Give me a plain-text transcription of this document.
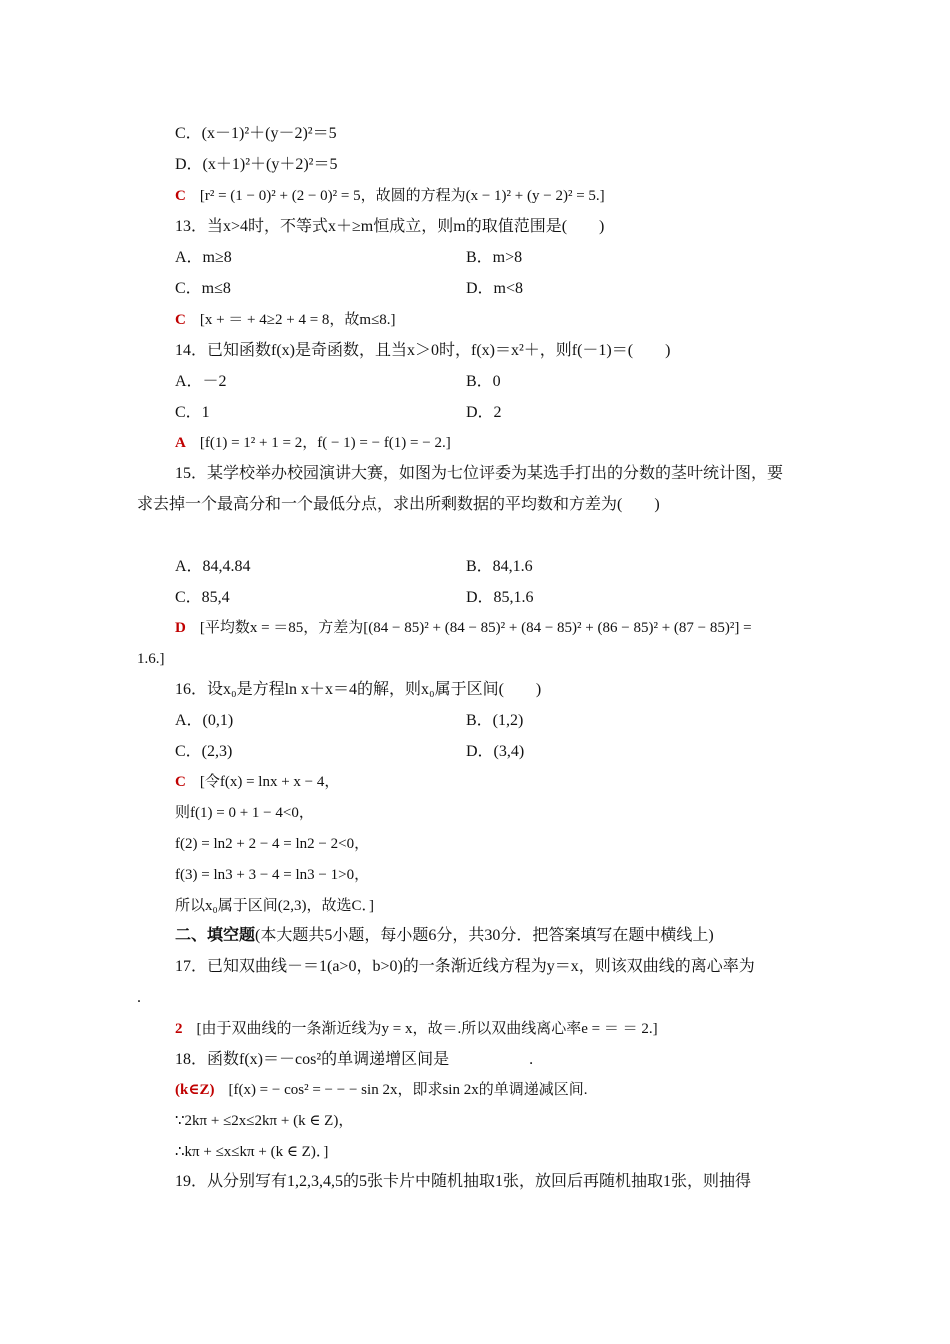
C．(x－1)²＋(y－2)²＝5
D．(x＋1)²＋(y＋2)²＝5
C [r² = (1 − 0)² + (2 − 0)² = 5，故圆的方程为(x − 1)² + (y − 2)² = 5.]
13．当x>4时，不等式x＋≥m恒成立，则m的取值范围是(　　)
A．m≥8	B．m>8
C．m≤8	D．m<8
C [x + ＝ + 4≥2 + 4 = 8，故m≤8.]
14．已知函数f(x)是奇函数，且当x＞0时，f(x)＝x²＋，则f(－1)＝(　　)
A．－2	B．0
C．1	D．2
A [f(1) = 1² + 1 = 2，f( − 1) = − f(1) = − 2.]
15．某学校举办校园演讲大赛，如图为七位评委为某选手打出的分数的茎叶统计图，要
求去掉一个最高分和一个最低分点，求出所剩数据的平均数和方差为(　　)
A．84,4.84	B．84,1.6
C．85,4	D．85,1.6
D [平均数x = ＝85，方差为[(84 − 85)² + (84 − 85)² + (84 − 85)² + (86 − 85)² + (87 − 85)²] =
1.6.]
16．设x₀是方程ln x＋x＝4的解，则x₀属于区间(　　)
A．(0,1)	B．(1,2)
C．(2,3)	D．(3,4)
C [令f(x) = lnx + x − 4，
则f(1) = 0 + 1 − 4<0，
f(2) = ln2 + 2 − 4 = ln2 − 2<0，
f(3) = ln3 + 3 − 4 = ln3 − 1>0，
所以x₀属于区间(2,3)，故选C．]
二、填空题(本大题共5小题，每小题6分，共30分．把答案填写在题中横线上)
17．已知双曲线－＝1(a>0，b>0)的一条渐近线方程为y＝x，则该双曲线的离心率为
.
2 [由于双曲线的一条渐近线为y = x，故＝.所以双曲线离心率e = ＝ ＝ 2.]
18．函数f(x)＝－cos²的单调递增区间是　　　　　.
(k∈Z) [f(x) = − cos² = − − − sin 2x，即求sin 2x的单调递减区间.
∵2kπ + ≤2x≤2kπ + (k ∈ Z)，
∴kπ + ≤x≤kπ + (k ∈ Z)．]
19．从分别写有1,2,3,4,5的5张卡片中随机抽取1张，放回后再随机抽取1张，则抽得
